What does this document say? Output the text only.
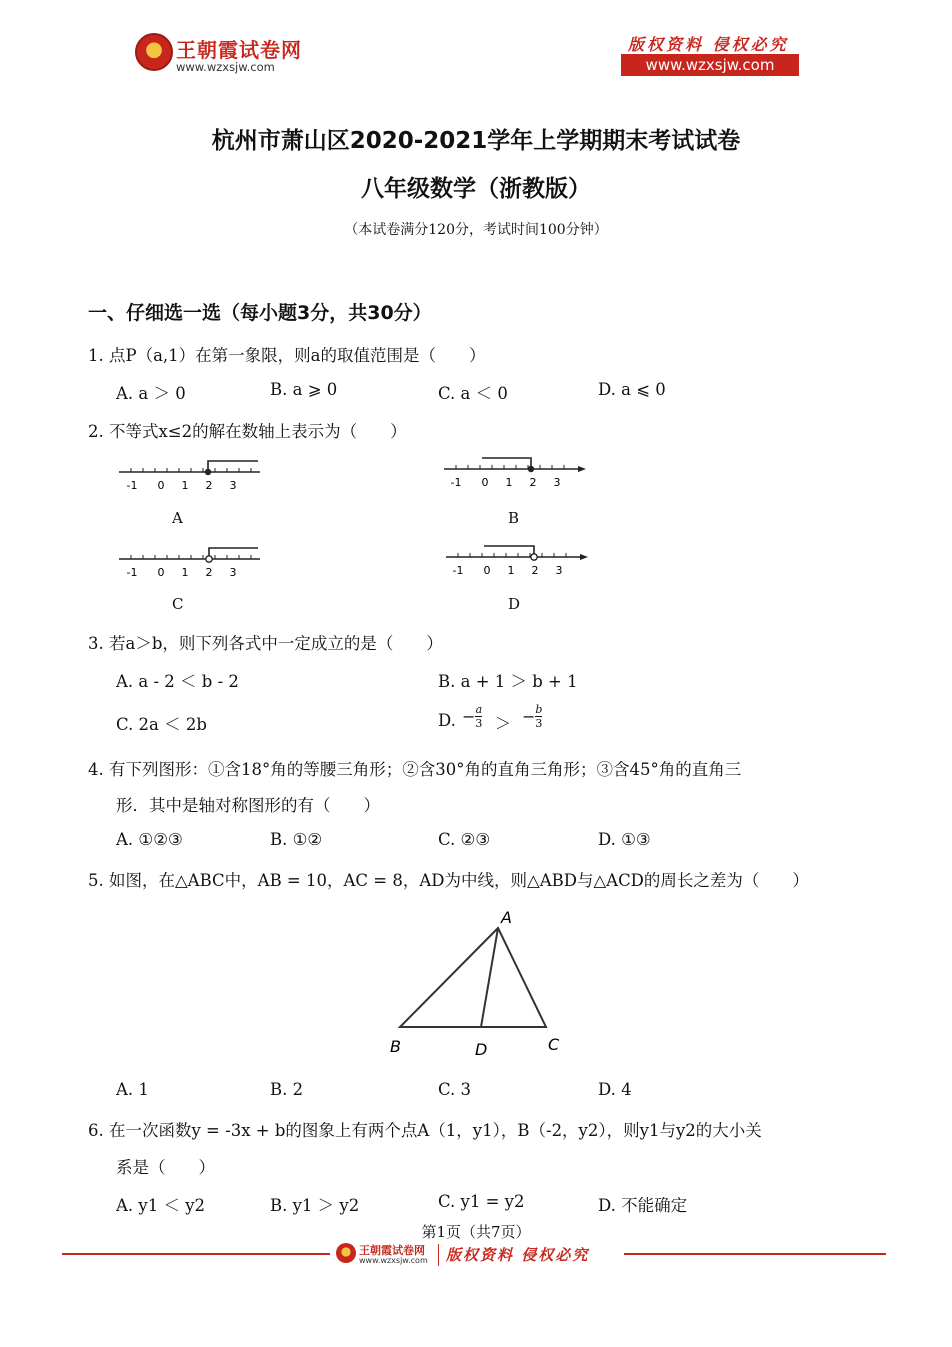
王朝霞试卷网
www.wzxsjw.com
版权资料 侵权必究
www.wzxsjw.com
杭州市萧山区2020-2021学年上学期期末考试试卷
八年级数学（浙教版）
（本试卷满分120分，考试时间100分钟）
一、仔细选一选（每小题3分，共30分）
1. 点P（a,1）在第一象限，则a的取值范围是（　　）
A. a ＞ 0	B. a ⩾ 0	C. a ＜ 0	D. a ⩽ 0
2. 不等式x≤2的解在数轴上表示为（　　）
-1 0 1 2 3
A
-1 0 1 2 3
B
-1 0 1 2 3
C
-1 0 1 2 3
D
3. 若a＞b，则下列各式中一定成立的是（　　）
A. a - 2 ＜ b - 2	B. a + 1 ＞ b + 1
C. 2a ＜ 2b	D. − $\frac{a}{3}$ ＞ − $\frac{b}{3}$
4. 有下列图形：①含18°角的等腰三角形；②含30°角的直角三角形；③含45°角的直角三
形．其中是轴对称图形的有（　　）
A. ①②③	B. ①②	C. ②③	D. ①③
5. 如图，在△ABC中，AB = 10，AC = 8，AD为中线，则△ABD与△ACD的周长之差为（　　）
A
B	D	C
A. 1	B. 2	C. 3	D. 4
6. 在一次函数y = -3x + b的图象上有两个点A（1，y1），B（-2，y2），则y1与y2的大小关
系是（　　）
A. y1 ＜ y2	B. y1 ＞ y2	C. y1 = y2	D. 不能确定
第1页（共7页）
王朝霞试卷网
www.wzxsjw.com 版权资料 侵权必究
